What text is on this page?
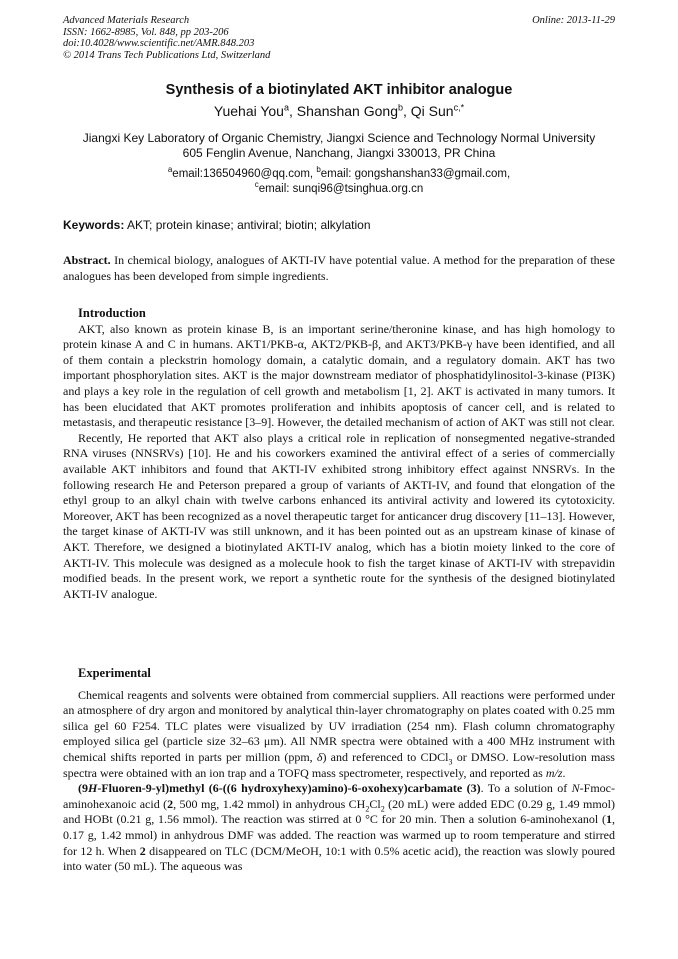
Advanced Materials Research
ISSN: 1662-8985, Vol. 848, pp 203-206
doi:10.4028/www.scientific.net/AMR.848.203
© 2014 Trans Tech Publications Ltd, Switzerland
Online: 2013-11-29
Synthesis of a biotinylated AKT inhibitor analogue
Yuehai You$^a$, Shanshan Gong$^b$, Qi Sun$^{c,*}$
Jiangxi Key Laboratory of Organic Chemistry, Jiangxi Science and Technology Normal University
605 Fenglin Avenue, Nanchang, Jiangxi 330013, PR China
$^a$email:136504960@qq.com, $^b$email: gongshanshan33@gmail.com,
$^c$email: sunqi96@tsinghua.org.cn
Keywords: AKT; protein kinase; antiviral; biotin; alkylation

Abstract. In chemical biology, analogues of AKTI-IV have potential value. A method for the preparation of these analogues has been developed from simple ingredients.

Introduction

AKT, also known as protein kinase B, is an important serine/theronine kinase, and has high homology to protein kinase A and C in humans. AKT1/PKB-α, AKT2/PKB-β, and AKT3/PKB-γ have been identified, and all of them contain a pleckstrin homology domain, a catalytic domain, and a regulatory domain. AKT has two important phosphorylation sites. AKT is the major downstream mediator of phosphatidylinositol-3-kinase (PI3K) and plays a key role in the regulation of cell growth and metabolism [1, 2]. AKT is activated in many tumors. It has been elucidated that AKT promotes proliferation and inhibits apoptosis of cancer cell, and is related to metastasis, and therapeutic resistance [3–9]. However, the detailed mechanism of action of AKT was still not clear.

Recently, He reported that AKT also plays a critical role in replication of nonsegmented negative-stranded RNA viruses (NNSRVs) [10]. He and his coworkers examined the antiviral effect of a series of commercially available AKT inhibitors and found that AKTI-IV exhibited strong inhibitory effect against NNSRVs. In the following research He and Peterson prepared a group of variants of AKTI-IV, and found that elongation of the ethyl group to an alkyl chain with twelve carbons enhanced its antiviral activity and lowered its cytotoxicity. Moreover, AKT has been recognized as a novel therapeutic target for anticancer drug discovery [11–13]. However, the target kinase of AKTI-IV was still unknown, and it has been pointed out as an upstream kinase of kinase of AKT. Therefore, we designed a biotinylated AKTI-IV analog, which has a biotin moiety linked to the core of AKTI-IV. This molecule was designed as a molecule hook to fish the target kinase of AKTI-IV with strepavidin modified beads. In the present work, we report a synthetic route for the synthesis of the designed biotinylated AKTI-IV analogue.

Experimental

Chemical reagents and solvents were obtained from commercial suppliers. All reactions were performed under an atmosphere of dry argon and monitored by analytical thin-layer chromatography on plates coated with 0.25 mm silica gel 60 F254. TLC plates were visualized by UV irradiation (254 nm). Flash column chromatography employed silica gel (particle size 32–63 μm). All NMR spectra were obtained with a 400 MHz instrument with chemical shifts reported in parts per million (ppm, δ) and referenced to CDCl$_3$ or DMSO. Low-resolution mass spectra were obtained with an ion trap and a TOFQ mass spectrometer, respectively, and reported as m/z.

(9H-Fluoren-9-yl)methyl (6-((6 hydroxyhexy)amino)-6-oxohexy)carbamate (3). To a solution of N-Fmoc-aminohexanoic acid (2, 500 mg, 1.42 mmol) in anhydrous $CH_2Cl_2$ (20 mL) were added EDC (0.29 g, 1.49 mmol) and HOBt (0.21 g, 1.56 mmol). The reaction was stirred at 0 °C for 20 min. Then a solution 6-aminohexanol (1, 0.17 g, 1.42 mmol) in anhydrous DMF was added. The reaction was warmed up to room temperature and stirred for 12 h. When 2 disappeared on TLC (DCM/MeOH, 10:1 with 0.5% acetic acid), the reaction was slowly poured into water (50 mL). The aqueous was
